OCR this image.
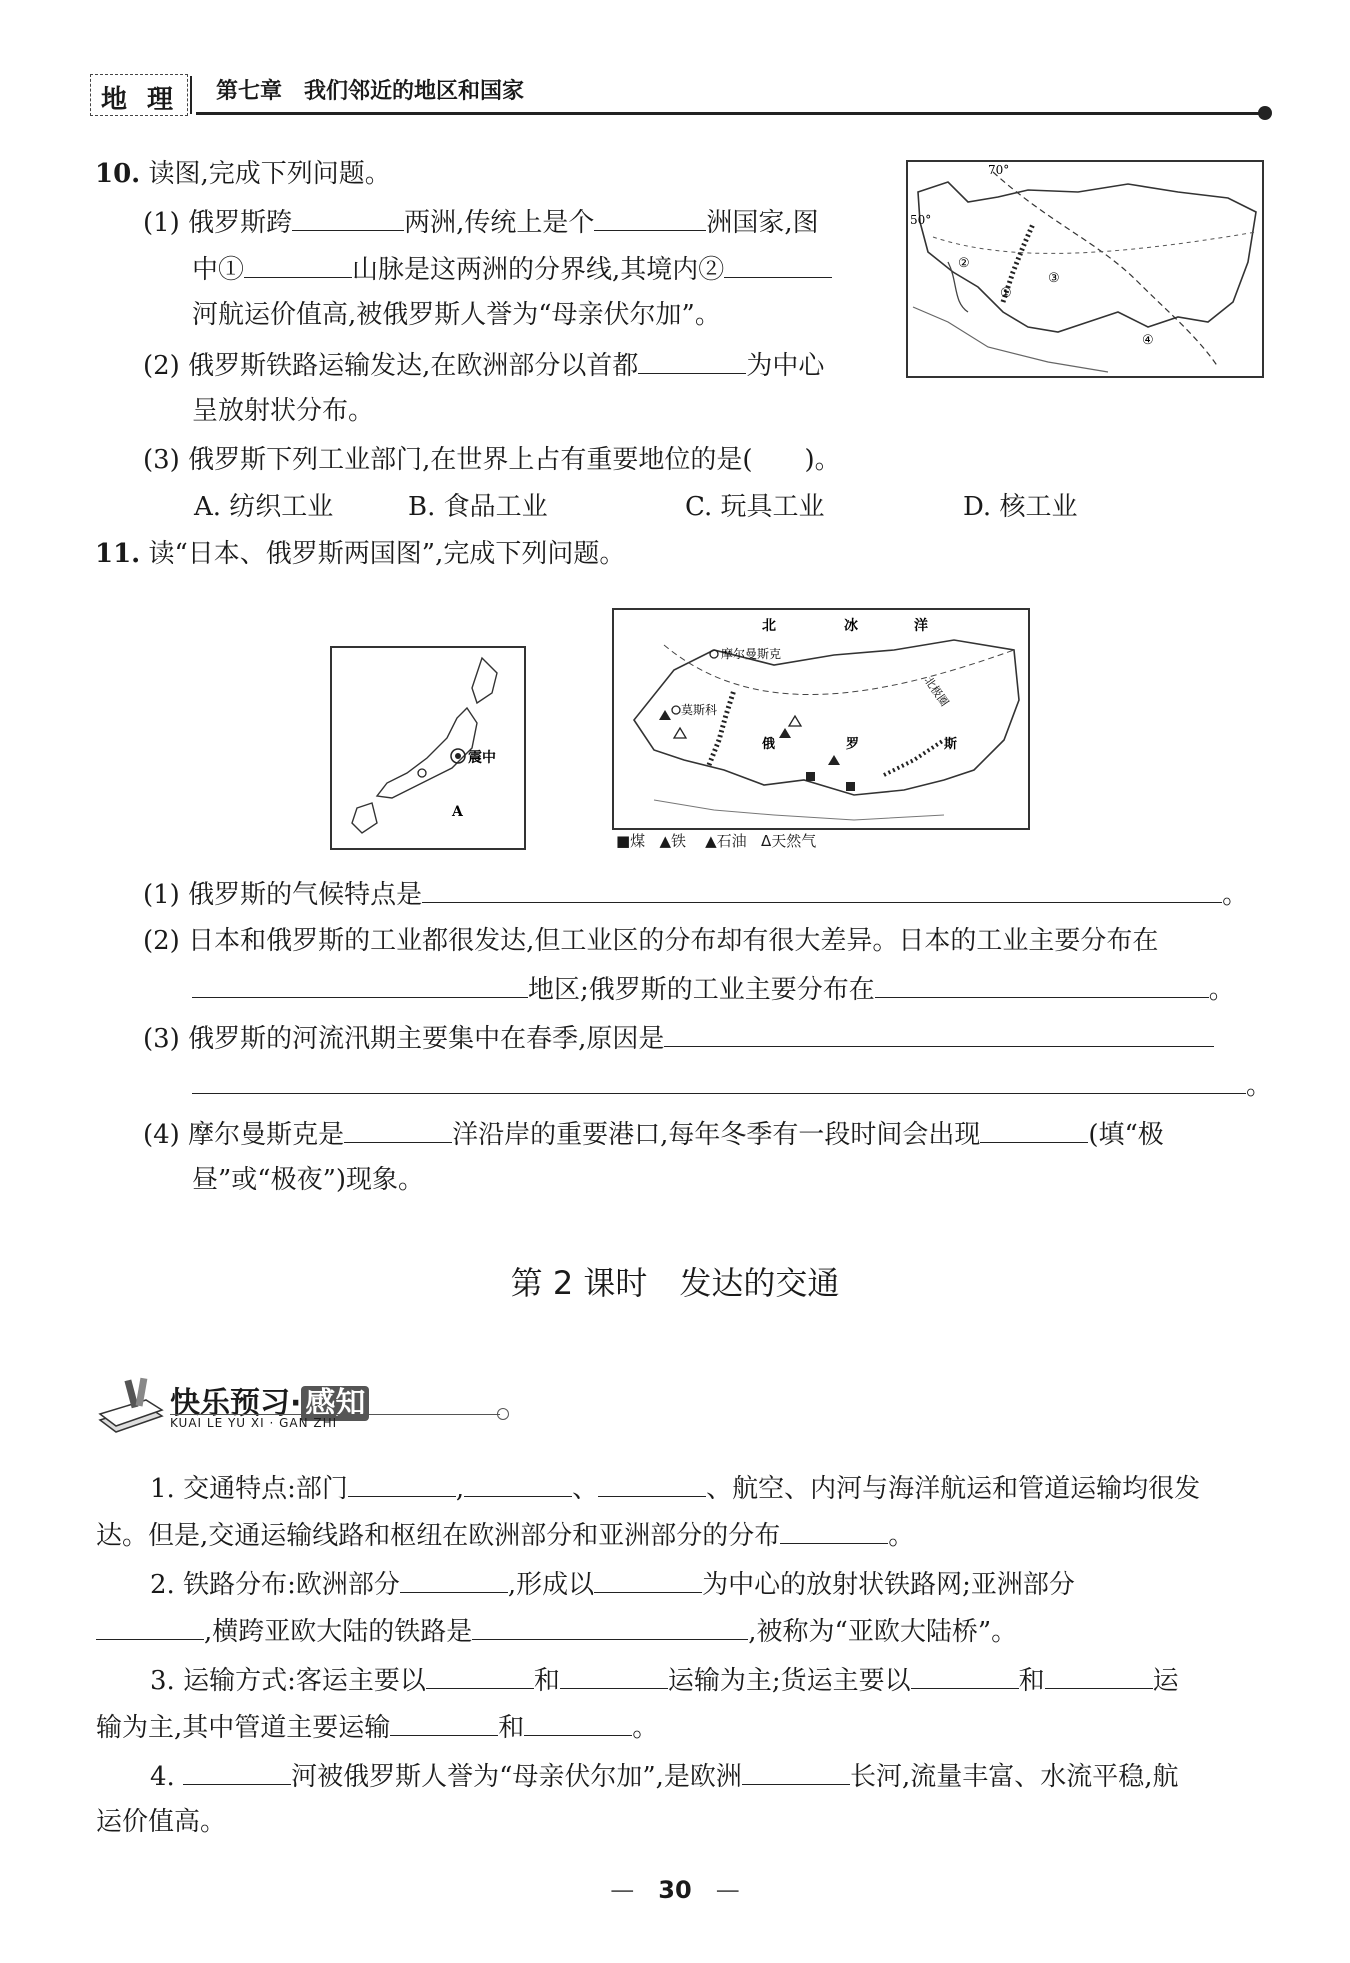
地 理 第七章　我们邻近的地区和国家
10. 读图,完成下列问题。
(1) 俄罗斯跨	两洲,传统上是个	洲国家,图
中①	山脉是这两洲的分界线,其境内②
河航运价值高,被俄罗斯人誉为“母亲伏尔加”。
(2) 俄罗斯铁路运输发达,在欧洲部分以首都	为中心
呈放射状分布。
(3) 俄罗斯下列工业部门,在世界上占有重要地位的是(　　)。
A. 纺织工业	B. 食品工业	C. 玩具工业	D. 核工业
70°
50°
①
②
③
④
11. 读“日本、俄罗斯两国图”,完成下列问题。
震中
A
北	冰	洋
摩尔曼斯克
莫斯科
俄	罗	斯
北极圈
■煤 ▲铁 ▲石油 Δ天然气
(1) 俄罗斯的气候特点是	。
(2) 日本和俄罗斯的工业都很发达,但工业区的分布却有很大差异。日本的工业主要分布在
地区;俄罗斯的工业主要分布在	。
(3) 俄罗斯的河流汛期主要集中在春季,原因是
。
(4) 摩尔曼斯克是	洋沿岸的重要港口,每年冬季有一段时间会出现	(填“极
昼”或“极夜”)现象。
第 2 课时　发达的交通
快乐预习· 感知
KUAI LE YU XI · GAN ZHI
1. 交通特点:部门	,	、	、航空、内河与海洋航运和管道运输均很发
达。但是,交通运输线路和枢纽在欧洲部分和亚洲部分的分布	。
2. 铁路分布:欧洲部分	,形成以	为中心的放射状铁路网;亚洲部分
,横跨亚欧大陆的铁路是	,被称为“亚欧大陆桥”。
3. 运输方式:客运主要以	和	运输为主;货运主要以	和	运
输为主,其中管道主要运输	和	。
4.	河被俄罗斯人誉为“母亲伏尔加”,是欧洲	长河,流量丰富、水流平稳,航
运价值高。
—　30　—
